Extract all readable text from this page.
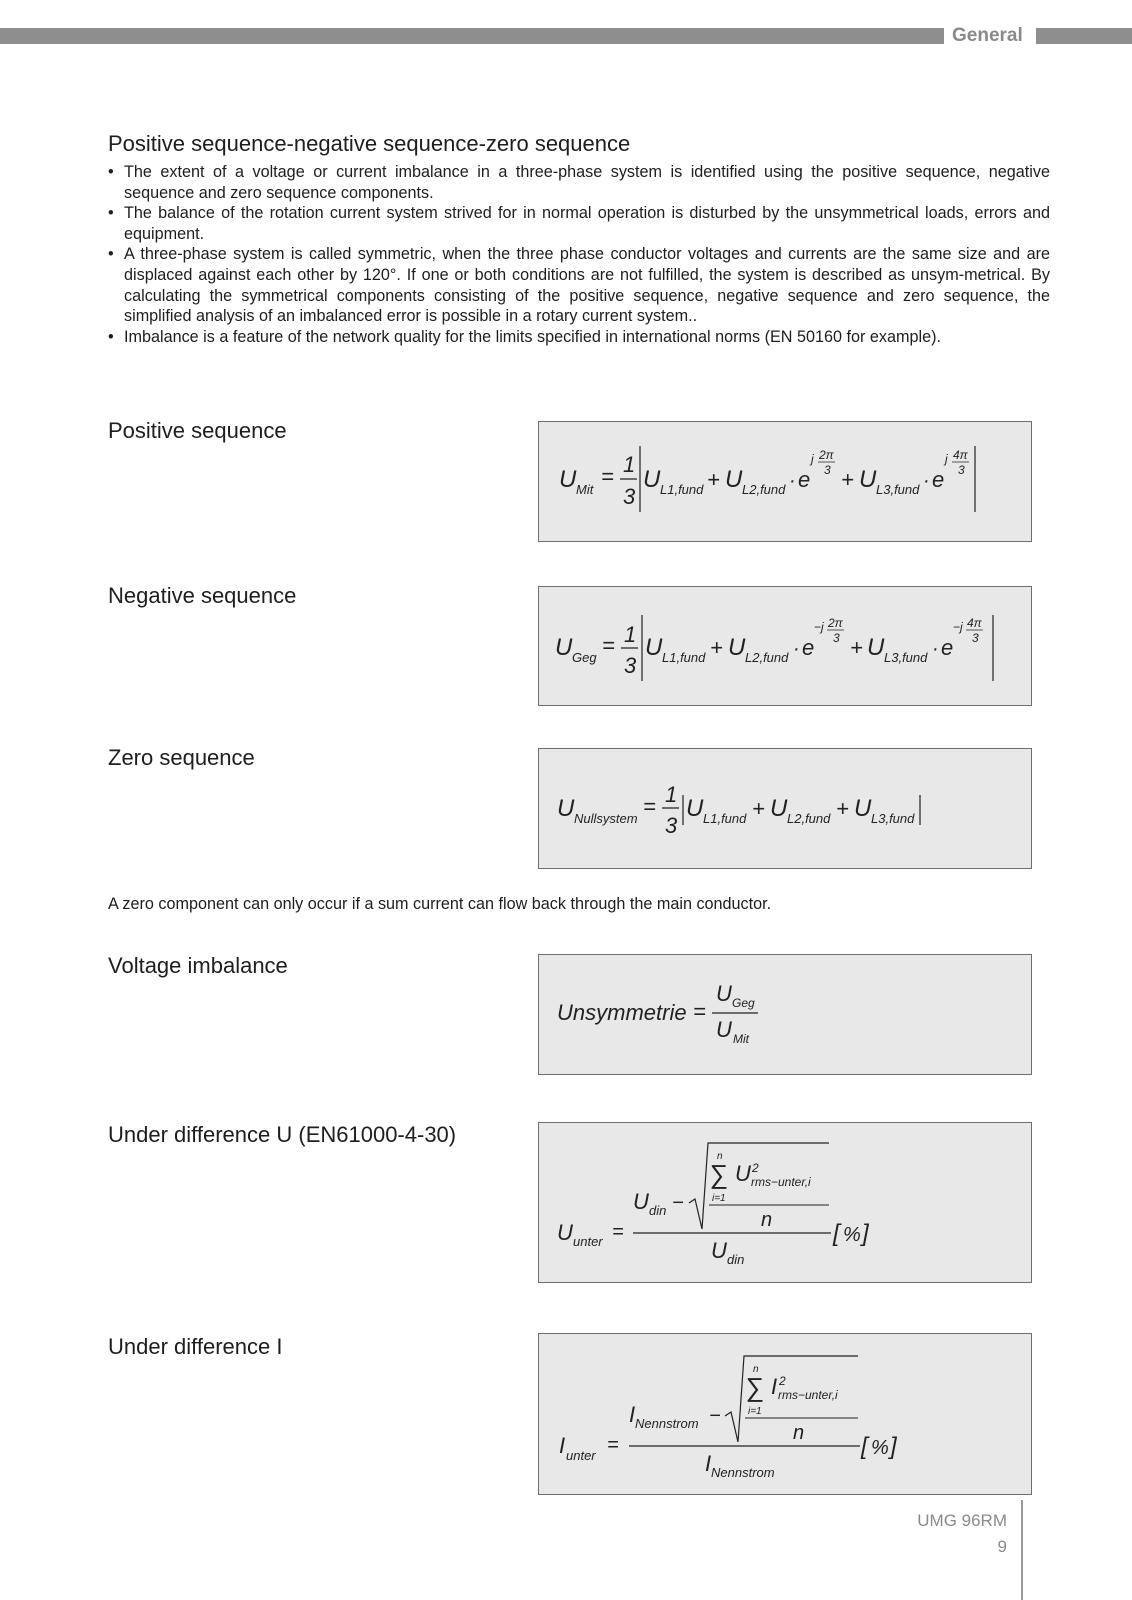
General
Positive sequence-negative sequence-zero sequence
• The extent of a voltage or current imbalance in a three-phase system is identified using the positive sequence, negative sequence and zero sequence components.
• The balance of the rotation current system strived for in normal operation is disturbed by the unsymmetrical loads, errors and equipment.
• A three-phase system is called symmetric, when the three phase conductor voltages and currents are the same size and are displaced against each other by 120°. If one or both conditions are not fulfilled, the system is described as unsym-metrical. By calculating the symmetrical components consisting of the positive sequence, negative sequence and zero sequence, the simplified analysis of an imbalanced error is possible in a rotary current system..
• Imbalance is a feature of the network quality for the limits specified in international norms (EN 50160 for example).
Positive sequence
U Mit
= 1
3
U L1,fund + U L2,fund · e
j 2π
3 + U L3,fund · e
j 4π
3
Negative sequence
U Geg = 1
3
U L1,fund + U L2,fund · e
−j 2π
3 + U L3,fund · e
−j 4π
3
Zero sequence
U Nullsystem = 1
3
U L1,fund + U L2,fund + U L3,fund

A zero component can only occur if a sum current can flow back through the main conductor.

Voltage imbalance
Unsymmetrie =
U Geg
U Mit
Under difference U (EN61000-4-30)
U unter =
U din −
n
∑
i=1
U 2
rms−unter,i
n
U din
[ % ]
Under difference I
I unter =
I Nennstrom −
n
∑
i=1
I 2
rms−unter,i
n
I Nennstrom
[ % ]
UMG 96RM
9
